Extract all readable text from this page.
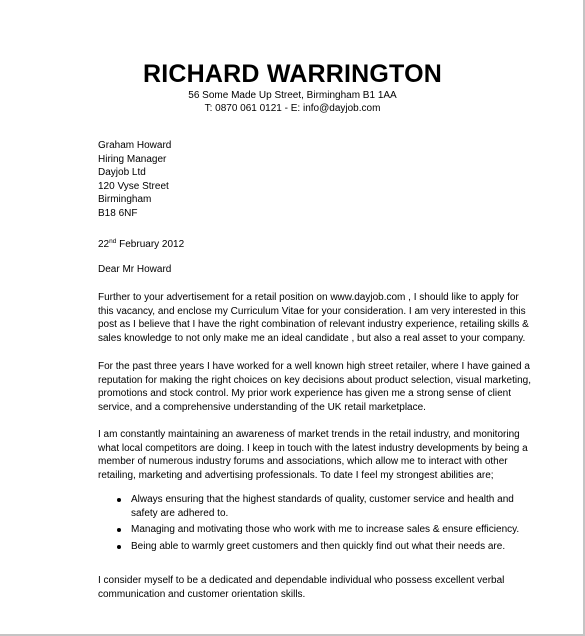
RICHARD WARRINGTON
56 Some Made Up Street, Birmingham B1 1AA
T: 0870 061 0121 - E: info@dayjob.com
Graham Howard
Hiring Manager
Dayjob Ltd
120 Vyse Street
Birmingham
B18 6NF
22nd February 2012
Dear Mr Howard
Further to your advertisement for a retail position on www.dayjob.com , I should like to apply for
this vacancy, and enclose my Curriculum Vitae for your consideration. I am very interested in this
post as I believe that I have the right combination of relevant industry experience, retailing skills &
sales knowledge to not only make me an ideal candidate , but also a real asset to your company.
For the past three years I have worked for a well known high street retailer, where I have gained a
reputation for making the right choices on key decisions about product selection, visual marketing,
promotions and stock control. My prior work experience has given me a strong sense of client
service, and a comprehensive understanding of the UK retail marketplace.
I am constantly maintaining an awareness of market trends in the retail industry, and monitoring
what local competitors are doing. I keep in touch with the latest industry developments by being a
member of numerous industry forums and associations, which allow me to interact with other
retailing, marketing and advertising professionals. To date I feel my strongest abilities are;
Always ensuring that the highest standards of quality, customer service and health and
safety are adhered to.
Managing and motivating those who work with me to increase sales & ensure efficiency.
Being able to warmly greet customers and then quickly find out what their needs are.
I consider myself to be a dedicated and dependable individual who possess excellent verbal
communication and customer orientation skills.
